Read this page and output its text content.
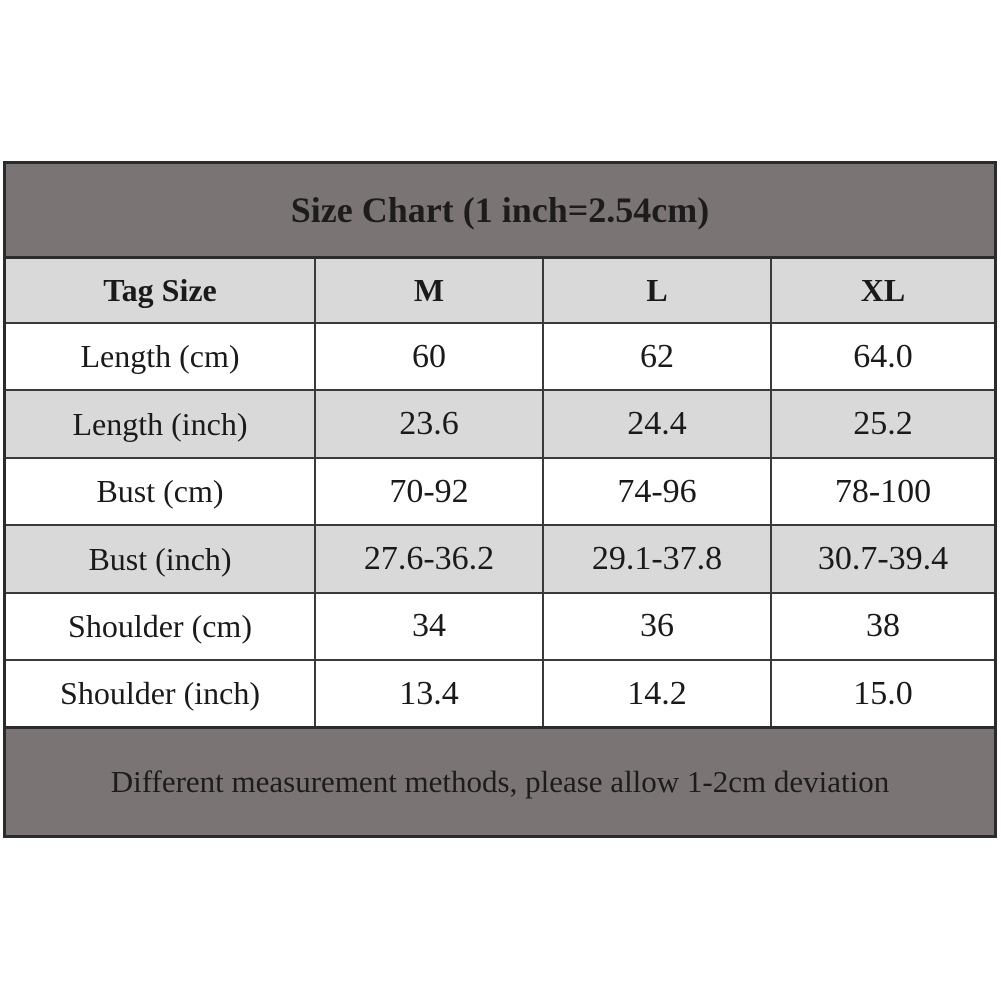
Size Chart (1 inch=2.54cm)
Tag Size	M	L	XL
Length (cm)	60	62	64.0
Length (inch)	23.6	24.4	25.2
Bust (cm)	70-92	74-96	78-100
Bust (inch)	27.6-36.2	29.1-37.8	30.7-39.4
Shoulder (cm)	34	36	38
Shoulder (inch)	13.4	14.2	15.0
Different measurement methods, please allow 1-2cm deviation
